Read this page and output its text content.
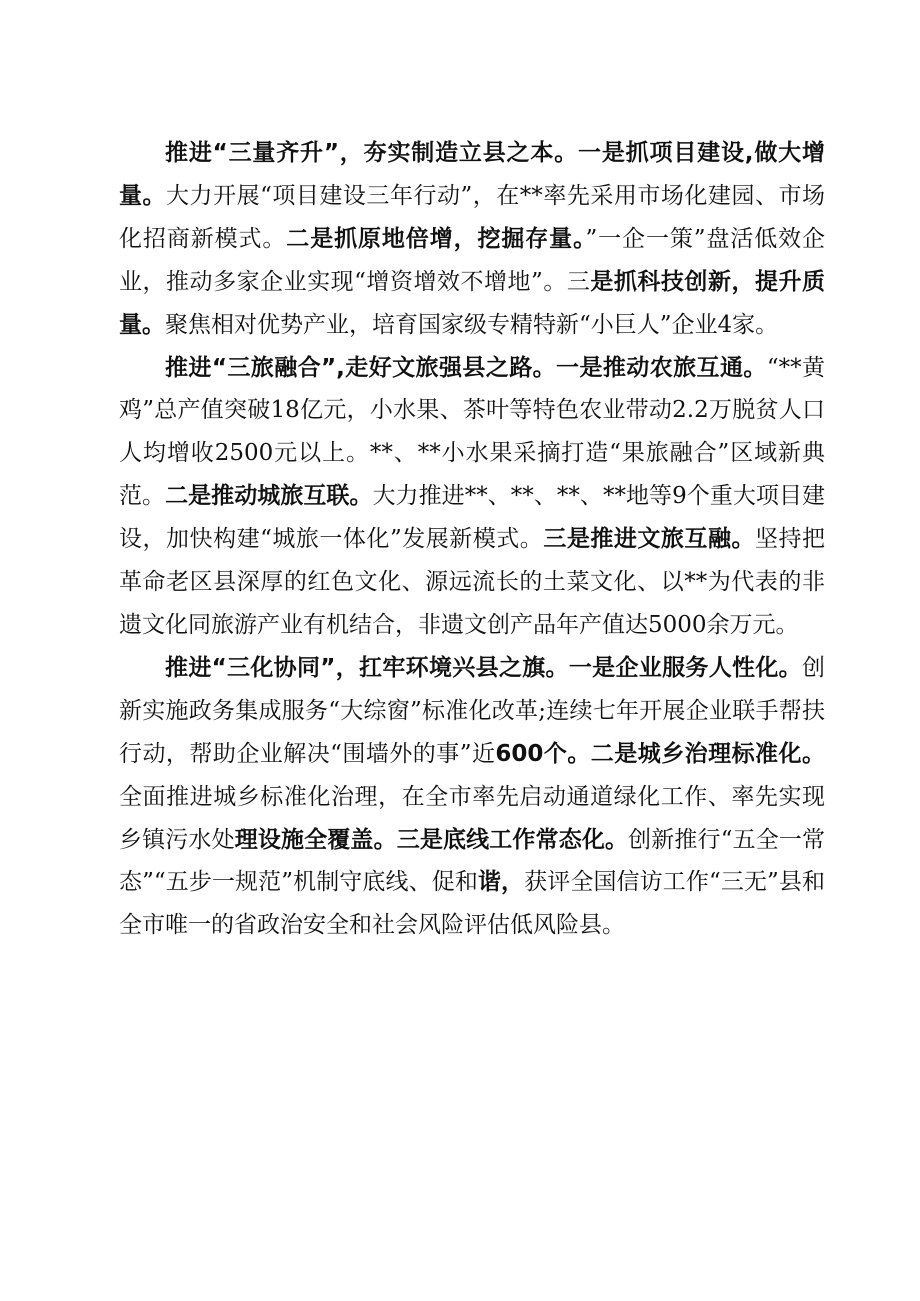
推进“三量齐升”，夯实制造立县之本。一是抓项目建设,做大增量。大力开展“项目建设三年行动”，在**率先采用市场化建园、市场化招商新模式。二是抓原地倍增，挖掘存量。”一企一策”盘活低效企业，推动多家企业实现“增资增效不增地”。三是抓科技创新，提升质量。聚焦相对优势产业，培育国家级专精特新“小巨人”企业4家。

推进“三旅融合”,走好文旅强县之路。一是推动农旅互通。“**黄鸡”总产值突破18亿元，小水果、茶叶等特色农业带动2.2万脱贫人口人均增收2500元以上。**、**小水果采摘打造“果旅融合”区域新典范。二是推动城旅互联。大力推进**、**、**、**地等9个重大项目建设，加快构建“城旅一体化”发展新模式。三是推进文旅互融。坚持把革命老区县深厚的红色文化、源远流长的土菜文化、以**为代表的非遗文化同旅游产业有机结合，非遗文创产品年产值达5000余万元。

推进“三化协同”，扛牢环境兴县之旗。一是企业服务人性化。创新实施政务集成服务“大综窗”标准化改革;连续七年开展企业联手帮扶行动，帮助企业解决“围墙外的事”近600个。二是城乡治理标准化。全面推进城乡标准化治理，在全市率先启动通道绿化工作、率先实现乡镇污水处理设施全覆盖。三是底线工作常态化。创新推行“五全一常态”“五步一规范”机制守底线、促和谐，获评全国信访工作“三无”县和全市唯一的省政治安全和社会风险评估低风险县。
